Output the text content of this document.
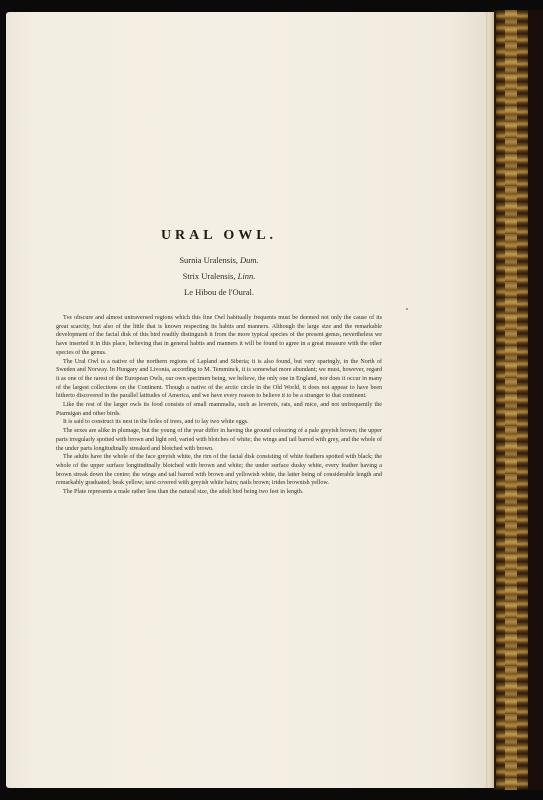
URAL OWL.
Surnia Uralensis, Dum.
Strix Uralensis, Linn.
Le Hibou de l'Oural.

The obscure and almost untraversed regions which this fine Owl habitually frequents must be deemed not only the cause of its great scarcity, but also of the little that is known respecting its habits and manners. Although the large size and the remarkable development of the facial disk of this bird readily distinguish it from the more typical species of the present genus, nevertheless we have inserted it in this place, believing that in general habits and manners it will be found to agree in a great measure with the other species of the genus.

The Ural Owl is a native of the northern regions of Lapland and Siberia; it is also found, but very sparingly, in the North of Sweden and Norway. In Hungary and Livonia, according to M. Temminck, it is somewhat more abundant; we must, however, regard it as one of the rarest of the European Owls, our own specimen being, we believe, the only one in England, nor does it occur in many of the largest collections on the Continent. Though a native of the arctic circle in the Old World, it does not appear to have been hitherto discovered in the parallel latitudes of America, and we have every reason to believe it to be a stranger to that continent.

Like the rest of the larger owls its food consists of small mammalia, such as leverets, rats, and mice, and not unfrequently the Ptarmigan and other birds.

It is said to construct its nest in the holes of trees, and to lay two white eggs.

The sexes are alike in plumage, but the young of the year differ in having the ground colouring of a pale greyish brown; the upper parts irregularly spotted with brown and light red, varied with blotches of white; the wings and tail barred with grey, and the whole of the under parts longitudinally streaked and blotched with brown.

The adults have the whole of the face greyish white, the rim of the facial disk consisting of white feathers spotted with black; the whole of the upper surface longitudinally blotched with brown and white; the under surface dusky white, every feather having a brown streak down the centre; the wings and tail barred with brown and yellowish white, the latter being of considerable length and remarkably graduated; beak yellow; tarsi covered with greyish white hairs; nails brown; irides brownish yellow.

The Plate represents a male rather less than the natural size, the adult bird being two feet in length.
